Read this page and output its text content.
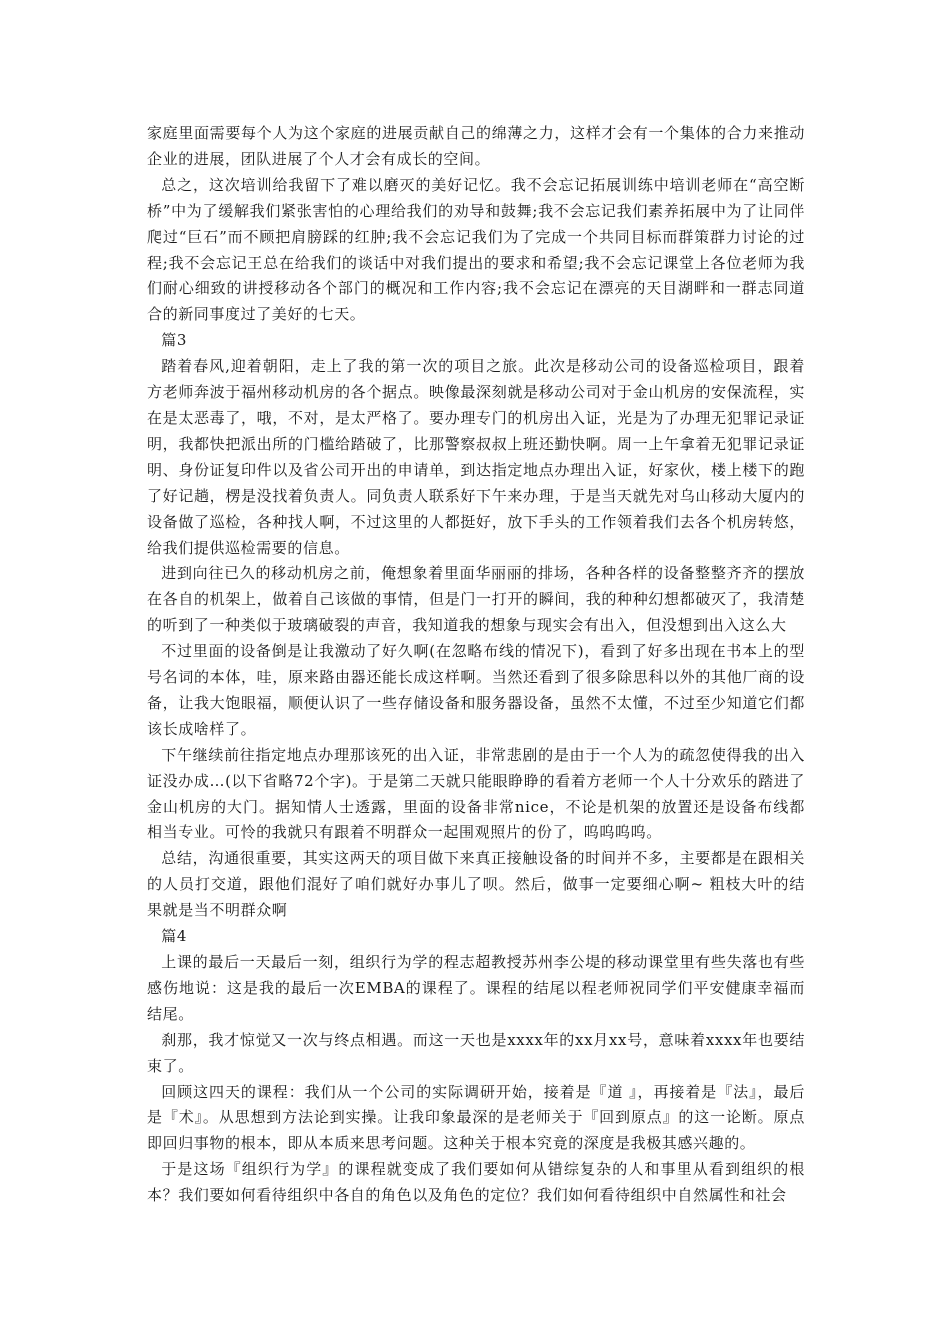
家庭里面需要每个人为这个家庭的进展贡献自己的绵薄之力，这样才会有一个集体的合力来推动企业的进展，团队进展了个人才会有成长的空间。

总之，这次培训给我留下了难以磨灭的美好记忆。我不会忘记拓展训练中培训老师在“高空断桥”中为了缓解我们紧张害怕的心理给我们的劝导和鼓舞;我不会忘记我们素养拓展中为了让同伴爬过“巨石”而不顾把肩膀踩的红肿;我不会忘记我们为了完成一个共同目标而群策群力讨论的过程;我不会忘记王总在给我们的谈话中对我们提出的要求和希望;我不会忘记课堂上各位老师为我们耐心细致的讲授移动各个部门的概况和工作内容;我不会忘记在漂亮的天目湖畔和一群志同道合的新同事度过了美好的七天。

篇3

踏着春风,迎着朝阳，走上了我的第一次的项目之旅。此次是移动公司的设备巡检项目，跟着方老师奔波于福州移动机房的各个据点。映像最深刻就是移动公司对于金山机房的安保流程，实在是太恶毒了，哦，不对，是太严格了。要办理专门的机房出入证，光是为了办理无犯罪记录证明，我都快把派出所的门槛给踏破了，比那警察叔叔上班还勤快啊。周一上午拿着无犯罪记录证明、身份证复印件以及省公司开出的申请单，到达指定地点办理出入证，好家伙，楼上楼下的跑了好记趟，楞是没找着负责人。同负责人联系好下午来办理，于是当天就先对乌山移动大厦内的设备做了巡检，各种找人啊，不过这里的人都挺好，放下手头的工作领着我们去各个机房转悠，给我们提供巡检需要的信息。

进到向往已久的移动机房之前，俺想象着里面华丽丽的排场，各种各样的设备整整齐齐的摆放在各自的机架上，做着自己该做的事情，但是门一打开的瞬间，我的种种幻想都破灭了，我清楚的听到了一种类似于玻璃破裂的声音，我知道我的想象与现实会有出入，但没想到出入这么大

不过里面的设备倒是让我激动了好久啊(在忽略布线的情况下)，看到了好多出现在书本上的型号名词的本体，哇，原来路由器还能长成这样啊。当然还看到了很多除思科以外的其他厂商的设备，让我大饱眼福，顺便认识了一些存储设备和服务器设备，虽然不太懂，不过至少知道它们都该长成啥样了。

下午继续前往指定地点办理那该死的出入证，非常悲剧的是由于一个人为的疏忽使得我的出入证没办成…(以下省略72个字)。于是第二天就只能眼睁睁的看着方老师一个人十分欢乐的踏进了金山机房的大门。据知情人士透露，里面的设备非常nice，不论是机架的放置还是设备布线都相当专业。可怜的我就只有跟着不明群众一起围观照片的份了，呜呜呜呜。

总结，沟通很重要，其实这两天的项目做下来真正接触设备的时间并不多，主要都是在跟相关的人员打交道，跟他们混好了咱们就好办事儿了呗。然后，做事一定要细心啊~ 粗枝大叶的结果就是当不明群众啊

篇4

上课的最后一天最后一刻，组织行为学的程志超教授苏州李公堤的移动课堂里有些失落也有些感伤地说：这是我的最后一次EMBA的课程了。课程的结尾以程老师祝同学们平安健康幸福而结尾。

刹那，我才惊觉又一次与终点相遇。而这一天也是xxxx年的xx月xx号，意味着xxxx年也要结束了。

回顾这四天的课程：我们从一个公司的实际调研开始，接着是『道 』，再接着是『法』，最后是『术』。从思想到方法论到实操。让我印象最深的是老师关于『回到原点』的这一论断。原点即回归事物的根本，即从本质来思考问题。这种关于根本究竟的深度是我极其感兴趣的。

于是这场『组织行为学』的课程就变成了我们要如何从错综复杂的人和事里从看到组织的根本？我们要如何看待组织中各自的角色以及角色的定位？我们如何看待组织中自然属性和社会
